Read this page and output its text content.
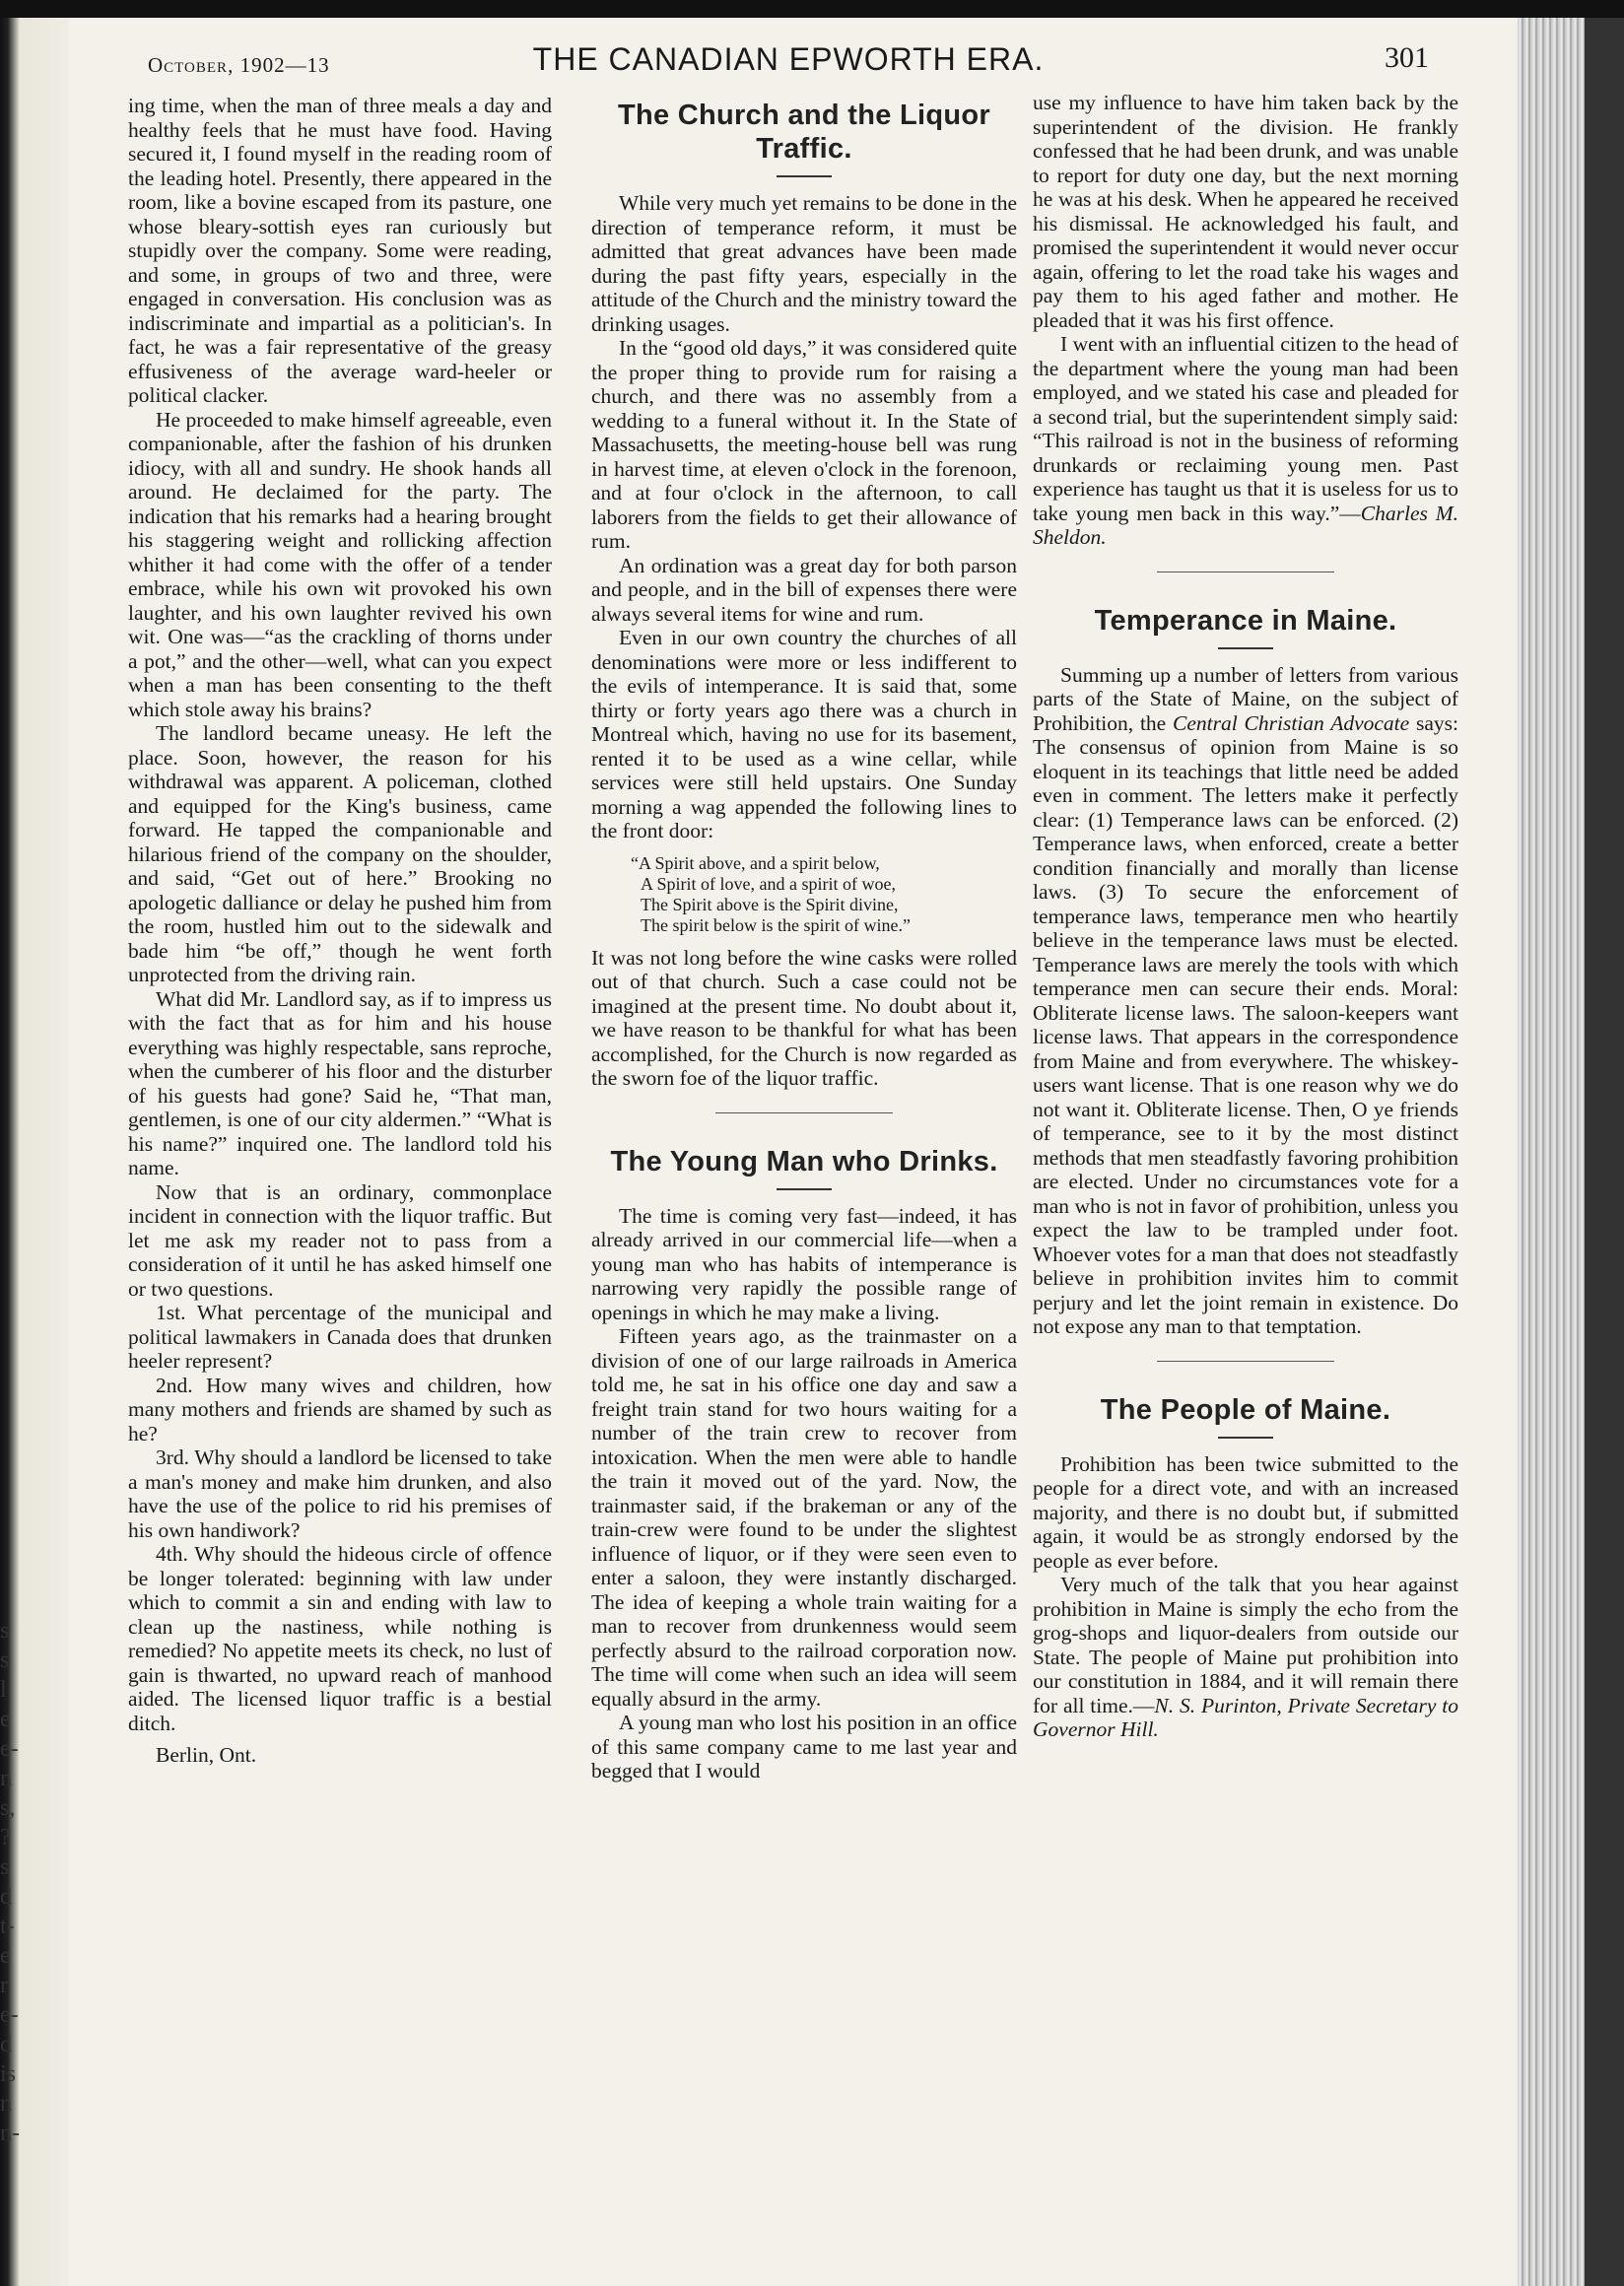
s
s
l
e
e-
n
s,
?
s
d
t-
e
r
e-
d
is
n
n-
October, 1902—13	THE CANADIAN EPWORTH ERA.	301

ing time, when the man of three meals a day and healthy feels that he must have food. Having secured it, I found myself in the reading room of the leading hotel. Presently, there appeared in the room, like a bovine escaped from its pasture, one whose bleary-sottish eyes ran curiously but stupidly over the company. Some were reading, and some, in groups of two and three, were engaged in conversation. His conclusion was as indiscriminate and impartial as a politician's. In fact, he was a fair representative of the greasy effusiveness of the average ward-heeler or political clacker.

He proceeded to make himself agreeable, even companionable, after the fashion of his drunken idiocy, with all and sundry. He shook hands all around. He declaimed for the party. The indication that his remarks had a hearing brought his staggering weight and rollicking affection whither it had come with the offer of a tender embrace, while his own wit provoked his own laughter, and his own laughter revived his own wit. One was—“as the crackling of thorns under a pot,” and the other—well, what can you expect when a man has been consenting to the theft which stole away his brains?

The landlord became uneasy. He left the place. Soon, however, the reason for his withdrawal was apparent. A policeman, clothed and equipped for the King's business, came forward. He tapped the companionable and hilarious friend of the company on the shoulder, and said, “Get out of here.” Brooking no apologetic dalliance or delay he pushed him from the room, hustled him out to the sidewalk and bade him “be off,” though he went forth unprotected from the driving rain.

What did Mr. Landlord say, as if to impress us with the fact that as for him and his house everything was highly respectable, sans reproche, when the cumberer of his floor and the disturber of his guests had gone? Said he, “That man, gentlemen, is one of our city aldermen.” “What is his name?” inquired one. The landlord told his name.

Now that is an ordinary, commonplace incident in connection with the liquor traffic. But let me ask my reader not to pass from a consideration of it until he has asked himself one or two questions.

1st. What percentage of the municipal and political lawmakers in Canada does that drunken heeler represent?

2nd. How many wives and children, how many mothers and friends are shamed by such as he?

3rd. Why should a landlord be licensed to take a man's money and make him drunken, and also have the use of the police to rid his premises of his own handiwork?

4th. Why should the hideous circle of offence be longer tolerated: beginning with law under which to commit a sin and ending with law to clean up the nastiness, while nothing is remedied? No appetite meets its check, no lust of gain is thwarted, no upward reach of manhood aided. The licensed liquor traffic is a bestial ditch.

Berlin, Ont.

The Church and the Liquor Traffic.

While very much yet remains to be done in the direction of temperance reform, it must be admitted that great advances have been made during the past fifty years, especially in the attitude of the Church and the ministry toward the drinking usages.

In the “good old days,” it was considered quite the proper thing to provide rum for raising a church, and there was no assembly from a wedding to a funeral without it. In the State of Massachusetts, the meeting-house bell was rung in harvest time, at eleven o'clock in the forenoon, and at four o'clock in the afternoon, to call laborers from the fields to get their allowance of rum.

An ordination was a great day for both parson and people, and in the bill of expenses there were always several items for wine and rum.

Even in our own country the churches of all denominations were more or less indifferent to the evils of intemperance. It is said that, some thirty or forty years ago there was a church in Montreal which, having no use for its basement, rented it to be used as a wine cellar, while services were still held upstairs. One Sunday morning a wag appended the following lines to the front door:

“A Spirit above, and a spirit below,
A Spirit of love, and a spirit of woe,
The Spirit above is the Spirit divine,
The spirit below is the spirit of wine.”

It was not long before the wine casks were rolled out of that church. Such a case could not be imagined at the present time. No doubt about it, we have reason to be thankful for what has been accomplished, for the Church is now regarded as the sworn foe of the liquor traffic.

The Young Man who Drinks.

The time is coming very fast—indeed, it has already arrived in our commercial life—when a young man who has habits of intemperance is narrowing very rapidly the possible range of openings in which he may make a living.

Fifteen years ago, as the trainmaster on a division of one of our large railroads in America told me, he sat in his office one day and saw a freight train stand for two hours waiting for a number of the train crew to recover from intoxication. When the men were able to handle the train it moved out of the yard. Now, the trainmaster said, if the brakeman or any of the train-crew were found to be under the slightest influence of liquor, or if they were seen even to enter a saloon, they were instantly discharged. The idea of keeping a whole train waiting for a man to recover from drunkenness would seem perfectly absurd to the railroad corporation now. The time will come when such an idea will seem equally absurd in the army.

A young man who lost his position in an office of this same company came to me last year and begged that I would

use my influence to have him taken back by the superintendent of the division. He frankly confessed that he had been drunk, and was unable to report for duty one day, but the next morning he was at his desk. When he appeared he received his dismissal. He acknowledged his fault, and promised the superintendent it would never occur again, offering to let the road take his wages and pay them to his aged father and mother. He pleaded that it was his first offence.

I went with an influential citizen to the head of the department where the young man had been employed, and we stated his case and pleaded for a second trial, but the superintendent simply said: “This railroad is not in the business of reforming drunkards or reclaiming young men. Past experience has taught us that it is useless for us to take young men back in this way.”—Charles M. Sheldon.

Temperance in Maine.

Summing up a number of letters from various parts of the State of Maine, on the subject of Prohibition, the Central Christian Advocate says: The consensus of opinion from Maine is so eloquent in its teachings that little need be added even in comment. The letters make it perfectly clear: (1) Temperance laws can be enforced. (2) Temperance laws, when enforced, create a better condition financially and morally than license laws. (3) To secure the enforcement of temperance laws, temperance men who heartily believe in the temperance laws must be elected. Temperance laws are merely the tools with which temperance men can secure their ends. Moral: Obliterate license laws. The saloon-keepers want license laws. That appears in the correspondence from Maine and from everywhere. The whiskey-users want license. That is one reason why we do not want it. Obliterate license. Then, O ye friends of temperance, see to it by the most distinct methods that men steadfastly favoring prohibition are elected. Under no circumstances vote for a man who is not in favor of prohibition, unless you expect the law to be trampled under foot. Whoever votes for a man that does not steadfastly believe in prohibition invites him to commit perjury and let the joint remain in existence. Do not expose any man to that temptation.

The People of Maine.

Prohibition has been twice submitted to the people for a direct vote, and with an increased majority, and there is no doubt but, if submitted again, it would be as strongly endorsed by the people as ever before.

Very much of the talk that you hear against prohibition in Maine is simply the echo from the grog-shops and liquor-dealers from outside our State. The people of Maine put prohibition into our constitution in 1884, and it will remain there for all time.—N. S. Purinton, Private Secretary to Governor Hill.
